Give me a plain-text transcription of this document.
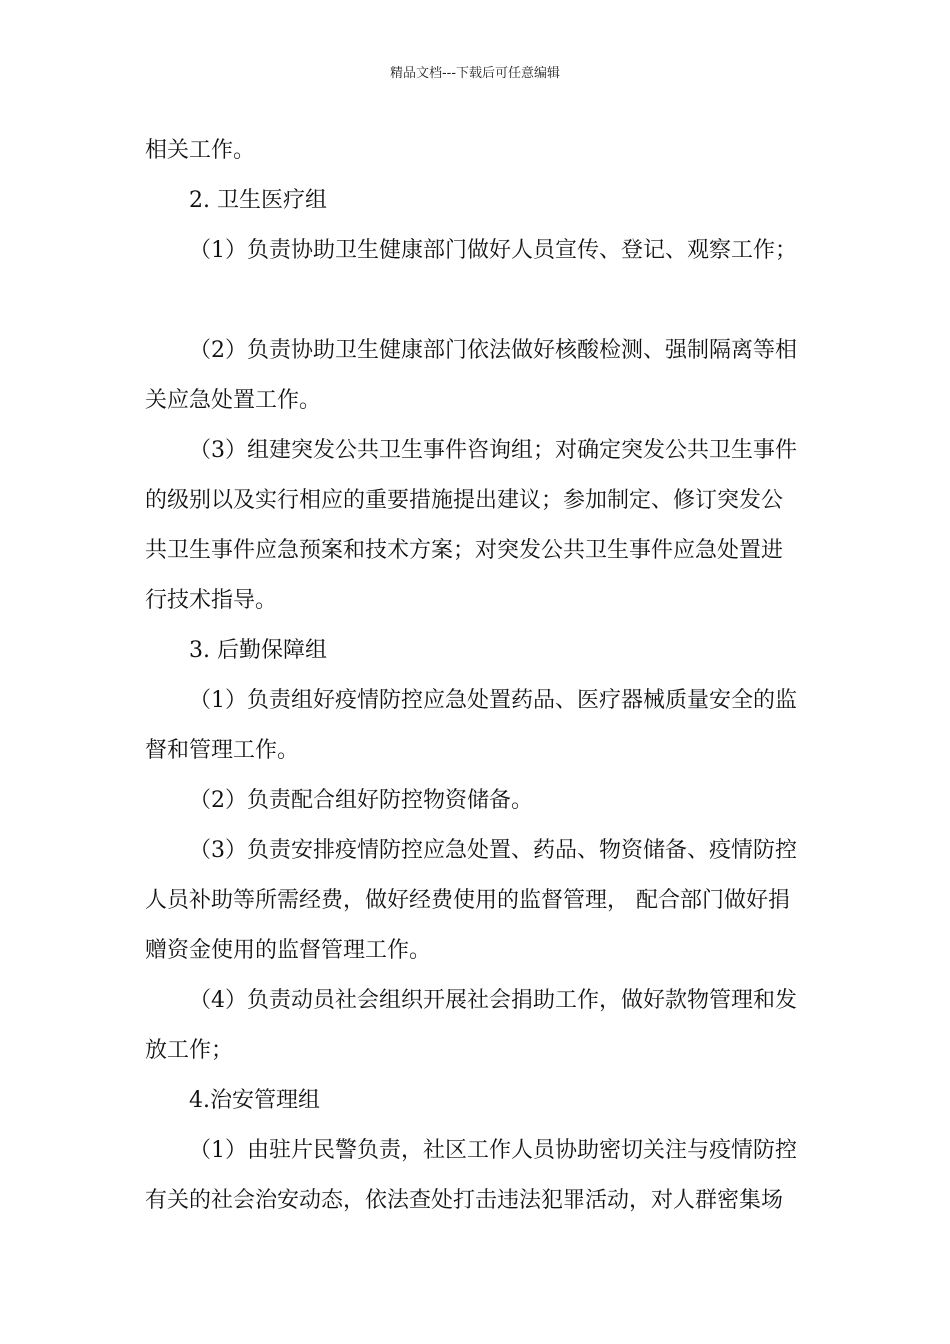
精品文档---下载后可任意编辑
相关工作。
2. 卫生医疗组
（1）负责协助卫生健康部门做好人员宣传、登记、观察工作；
（2）负责协助卫生健康部门依法做好核酸检测、强制隔离等相
关应急处置工作。
（3）组建突发公共卫生事件咨询组；对确定突发公共卫生事件
的级别以及实行相应的重要措施提出建议；参加制定、修订突发公
共卫生事件应急预案和技术方案；对突发公共卫生事件应急处置进
行技术指导。
3. 后勤保障组
（1）负责组好疫情防控应急处置药品、医疗器械质量安全的监
督和管理工作。
（2）负责配合组好防控物资储备。
（3）负责安排疫情防控应急处置、药品、物资储备、疫情防控
人员补助等所需经费，做好经费使用的监督管理， 配合部门做好捐
赠资金使用的监督管理工作。
（4）负责动员社会组织开展社会捐助工作，做好款物管理和发
放工作；
4.治安管理组
（1）由驻片民警负责，社区工作人员协助密切关注与疫情防控
有关的社会治安动态，依法查处打击违法犯罪活动，对人群密集场
